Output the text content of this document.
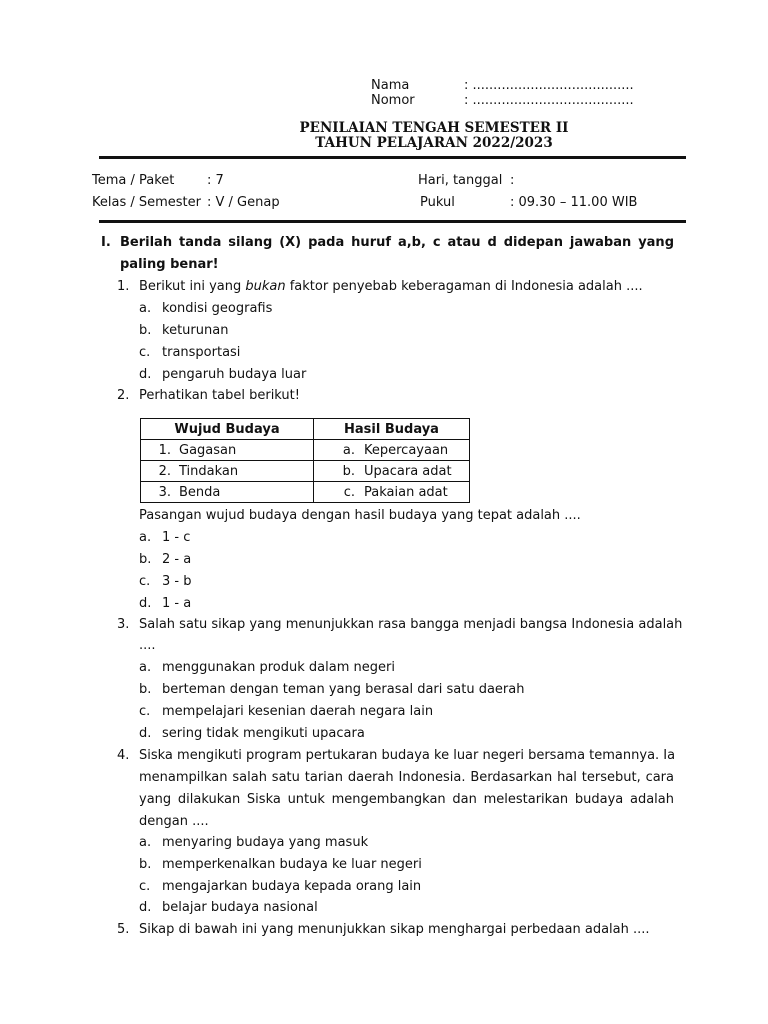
Nama	: .......................................
Nomor	: .......................................
PENILAIAN TENGAH SEMESTER II
TAHUN PELAJARAN 2022/2023
Tema / Paket	: 7
Kelas / Semester : V / Genap
Hari, tanggal :
Pukul	: 09.30 – 11.00 WIB
I. Berilah tanda silang (X) pada huruf a,b, c atau d didepan jawaban yang
paling benar!
1. Berikut ini yang bukan faktor penyebab keberagaman di Indonesia adalah ....
a. kondisi geografis
b. keturunan
c. transportasi
d. pengaruh budaya luar
2. Perhatikan tabel berikut!
Wujud Budaya	Hasil Budaya
1. Gagasan	a. Kepercayaan
2. Tindakan	b. Upacara adat
3. Benda	c. Pakaian adat
Pasangan wujud budaya dengan hasil budaya yang tepat adalah ....
a. 1 - c
b. 2 - a
c. 3 - b
d. 1 - a
3. Salah satu sikap yang menunjukkan rasa bangga menjadi bangsa Indonesia adalah
....
a. menggunakan produk dalam negeri
b. berteman dengan teman yang berasal dari satu daerah
c. mempelajari kesenian daerah negara lain
d. sering tidak mengikuti upacara
4. Siska mengikuti program pertukaran budaya ke luar negeri bersama temannya. Ia
menampilkan salah satu tarian daerah Indonesia. Berdasarkan hal tersebut, cara
yang dilakukan Siska untuk mengembangkan dan melestarikan budaya adalah
dengan ....
a. menyaring budaya yang masuk
b. memperkenalkan budaya ke luar negeri
c. mengajarkan budaya kepada orang lain
d. belajar budaya nasional
5. Sikap di bawah ini yang menunjukkan sikap menghargai perbedaan adalah ....
